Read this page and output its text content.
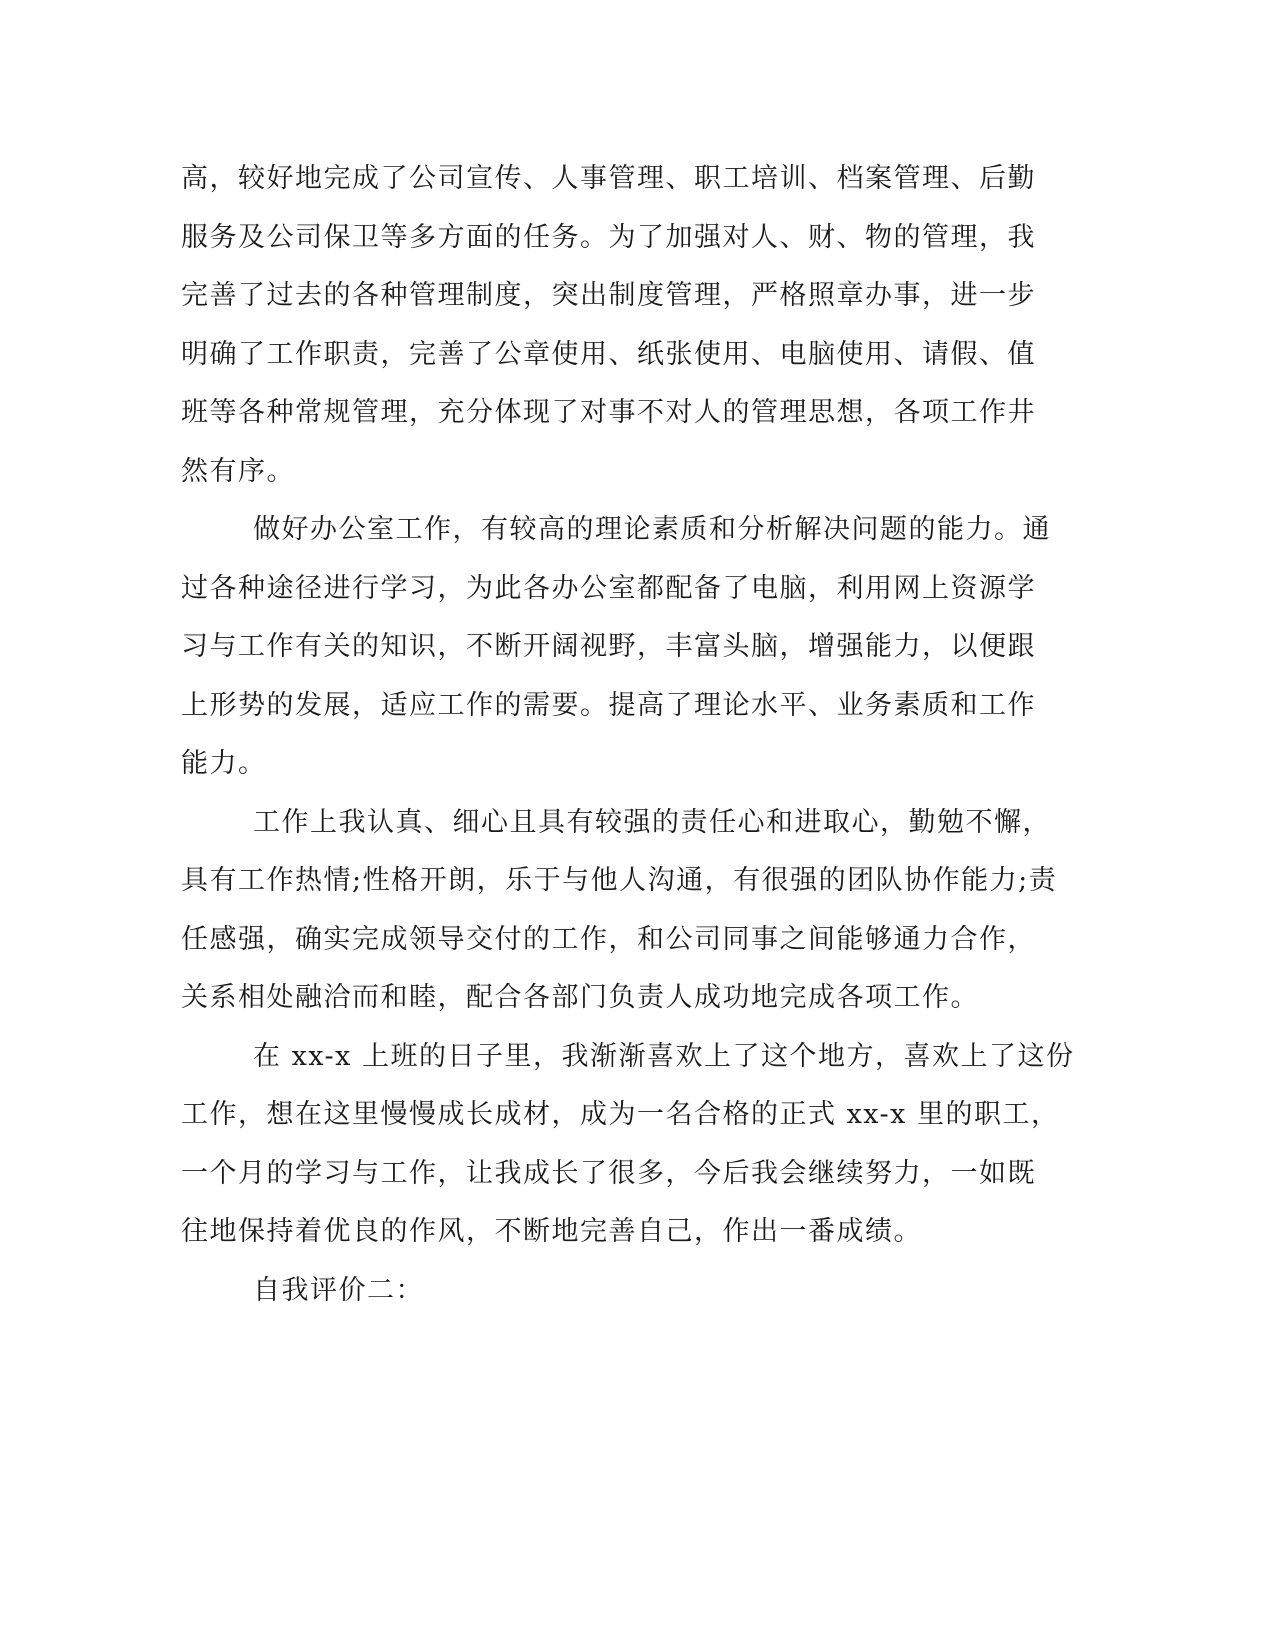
高，较好地完成了公司宣传、人事管理、职工培训、档案管理、后勤
服务及公司保卫等多方面的任务。为了加强对人、财、物的管理，我
完善了过去的各种管理制度，突出制度管理，严格照章办事，进一步
明确了工作职责，完善了公章使用、纸张使用、电脑使用、请假、值
班等各种常规管理，充分体现了对事不对人的管理思想，各项工作井
然有序。
做好办公室工作，有较高的理论素质和分析解决问题的能力。通
过各种途径进行学习，为此各办公室都配备了电脑，利用网上资源学
习与工作有关的知识，不断开阔视野，丰富头脑，增强能力，以便跟
上形势的发展，适应工作的需要。提高了理论水平、业务素质和工作
能力。
工作上我认真、细心且具有较强的责任心和进取心，勤勉不懈，
具有工作热情;性格开朗，乐于与他人沟通，有很强的团队协作能力;责
任感强，确实完成领导交付的工作，和公司同事之间能够通力合作，
关系相处融洽而和睦，配合各部门负责人成功地完成各项工作。
在 xx-x 上班的日子里，我渐渐喜欢上了这个地方，喜欢上了这份
工作，想在这里慢慢成长成材，成为一名合格的正式 xx-x 里的职工，
一个月的学习与工作，让我成长了很多，今后我会继续努力，一如既
往地保持着优良的作风，不断地完善自己，作出一番成绩。
自我评价二：
